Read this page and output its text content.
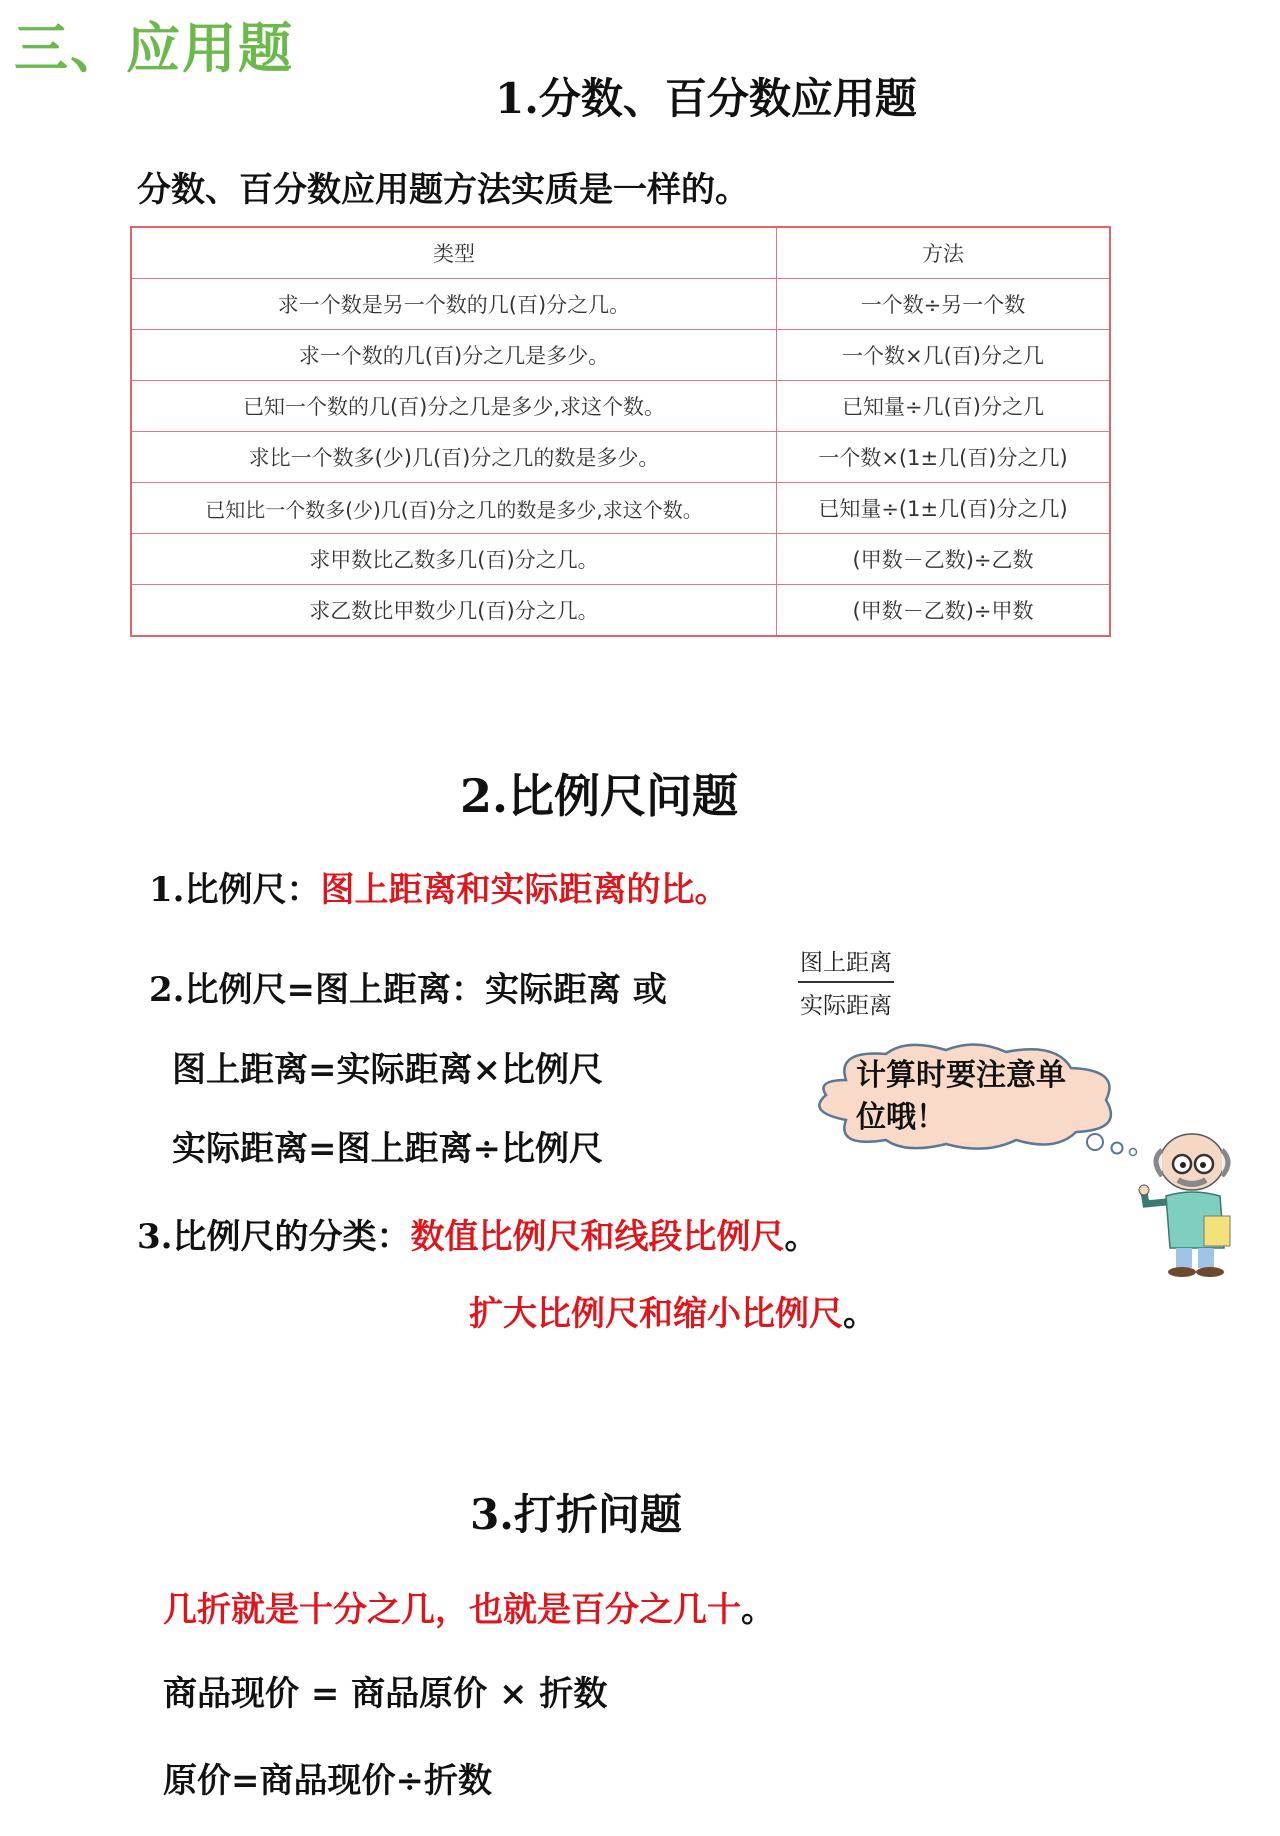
三、应用题
1.分数、百分数应用题
分数、百分数应用题方法实质是一样的。
类型	方法
求一个数是另一个数的几(百)分之几。	一个数÷另一个数
求一个数的几(百)分之几是多少。	一个数×几(百)分之几
已知一个数的几(百)分之几是多少,求这个数。	已知量÷几(百)分之几
求比一个数多(少)几(百)分之几的数是多少。	一个数×(1±几(百)分之几)
已知比一个数多(少)几(百)分之几的数是多少,求这个数。	已知量÷(1±几(百)分之几)
求甲数比乙数多几(百)分之几。	(甲数－乙数)÷乙数
求乙数比甲数少几(百)分之几。	(甲数－乙数)÷甲数
2.比例尺问题
1.比例尺：图上距离和实际距离的比。
2.比例尺=图上距离：实际距离 或
图上距离
实际距离
图上距离=实际距离×比例尺
实际距离=图上距离÷比例尺
3.比例尺的分类：数值比例尺和线段比例尺。
扩大比例尺和缩小比例尺。
计算时要注意单位哦！
3.打折问题
几折就是十分之几，也就是百分之几十。
商品现价 = 商品原价 × 折数
原价=商品现价÷折数
